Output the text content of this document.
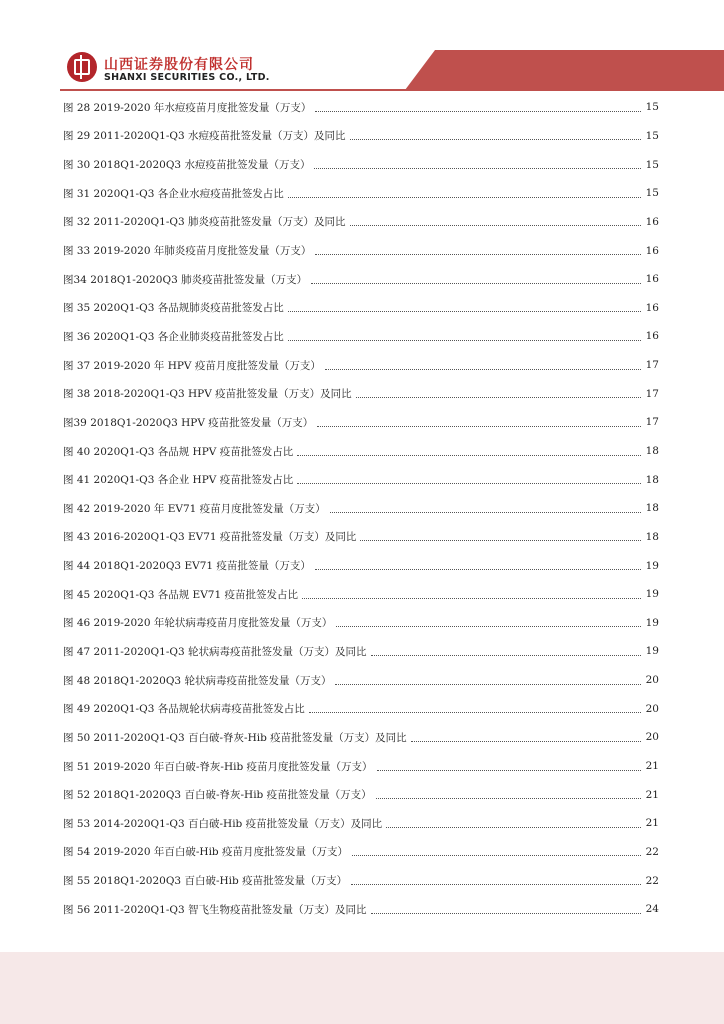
山西证券股份有限公司
SHANXI SECURITIES CO., LTD.
图 28 2019-2020 年水痘疫苗月度批签发量（万支）	15
图 29 2011-2020Q1-Q3 水痘疫苗批签发量（万支）及同比	15
图 30 2018Q1-2020Q3 水痘疫苗批签发量（万支）	15
图 31 2020Q1-Q3 各企业水痘疫苗批签发占比	15
图 32 2011-2020Q1-Q3 肺炎疫苗批签发量（万支）及同比	16
图 33 2019-2020 年肺炎疫苗月度批签发量（万支）	16
图34 2018Q1-2020Q3 肺炎疫苗批签发量（万支）	16
图 35 2020Q1-Q3 各品规肺炎疫苗批签发占比	16
图 36 2020Q1-Q3 各企业肺炎疫苗批签发占比	16
图 37 2019-2020 年 HPV 疫苗月度批签发量（万支）	17
图 38 2018-2020Q1-Q3 HPV 疫苗批签发量（万支）及同比	17
图39 2018Q1-2020Q3 HPV 疫苗批签发量（万支）	17
图 40 2020Q1-Q3 各品规 HPV 疫苗批签发占比	18
图 41 2020Q1-Q3 各企业 HPV 疫苗批签发占比	18
图 42 2019-2020 年 EV71 疫苗月度批签发量（万支）	18
图 43 2016-2020Q1-Q3 EV71 疫苗批签发量（万支）及同比	18
图 44 2018Q1-2020Q3 EV71 疫苗批签量（万支）	19
图 45 2020Q1-Q3 各品规 EV71 疫苗批签发占比	19
图 46 2019-2020 年轮状病毒疫苗月度批签发量（万支）	19
图 47 2011-2020Q1-Q3 轮状病毒疫苗批签发量（万支）及同比	19
图 48 2018Q1-2020Q3 轮状病毒疫苗批签发量（万支）	20
图 49 2020Q1-Q3 各品规轮状病毒疫苗批签发占比	20
图 50 2011-2020Q1-Q3 百白破-脊灰-Hib 疫苗批签发量（万支）及同比	20
图 51 2019-2020 年百白破-脊灰-Hib 疫苗月度批签发量（万支）	21
图 52 2018Q1-2020Q3 百白破-脊灰-Hib 疫苗批签发量（万支）	21
图 53 2014-2020Q1-Q3 百白破-Hib 疫苗批签发量（万支）及同比	21
图 54 2019-2020 年百白破-Hib 疫苗月度批签发量（万支）	22
图 55 2018Q1-2020Q3 百白破-Hib 疫苗批签发量（万支）	22
图 56 2011-2020Q1-Q3 智飞生物疫苗批签发量（万支）及同比	24
